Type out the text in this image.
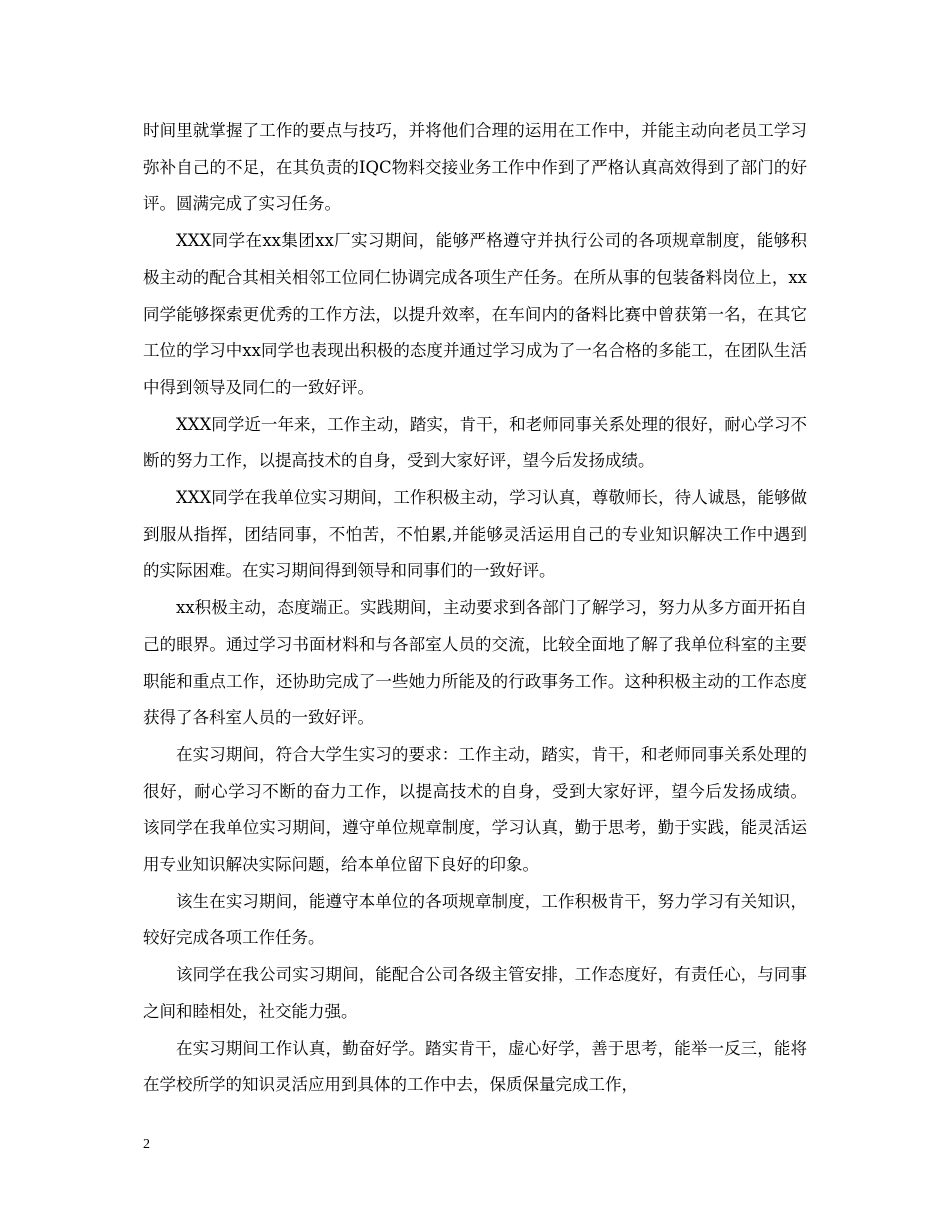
时间里就掌握了工作的要点与技巧，并将他们合理的运用在工作中，并能主动向老员工学习弥补自己的不足，在其负责的IQC物料交接业务工作中作到了严格认真高效得到了部门的好评。圆满完成了实习任务。

XXX同学在xx集团xx厂实习期间，能够严格遵守并执行公司的各项规章制度，能够积极主动的配合其相关相邻工位同仁协调完成各项生产任务。在所从事的包装备料岗位上，xx同学能够探索更优秀的工作方法，以提升效率，在车间内的备料比赛中曾获第一名，在其它工位的学习中xx同学也表现出积极的态度并通过学习成为了一名合格的多能工，在团队生活中得到领导及同仁的一致好评。

XXX同学近一年来，工作主动，踏实，肯干，和老师同事关系处理的很好，耐心学习不断的努力工作，以提高技术的自身，受到大家好评，望今后发扬成绩。

XXX同学在我单位实习期间，工作积极主动，学习认真，尊敬师长，待人诚恳，能够做到服从指挥，团结同事，不怕苦，不怕累,并能够灵活运用自己的专业知识解决工作中遇到的实际困难。在实习期间得到领导和同事们的一致好评。

xx积极主动，态度端正。实践期间，主动要求到各部门了解学习，努力从多方面开拓自己的眼界。通过学习书面材料和与各部室人员的交流，比较全面地了解了我单位科室的主要职能和重点工作，还协助完成了一些她力所能及的行政事务工作。这种积极主动的工作态度获得了各科室人员的一致好评。

在实习期间，符合大学生实习的要求：工作主动，踏实，肯干，和老师同事关系处理的很好，耐心学习不断的奋力工作，以提高技术的自身，受到大家好评，望今后发扬成绩。 该同学在我单位实习期间，遵守单位规章制度，学习认真，勤于思考，勤于实践，能灵活运用专业知识解决实际问题，给本单位留下良好的印象。

该生在实习期间，能遵守本单位的各项规章制度，工作积极肯干，努力学习有关知识，较好完成各项工作任务。

该同学在我公司实习期间，能配合公司各级主管安排，工作态度好，有责任心，与同事之间和睦相处，社交能力强。

在实习期间工作认真，勤奋好学。踏实肯干，虚心好学，善于思考，能举一反三，能将在学校所学的知识灵活应用到具体的工作中去，保质保量完成工作，

2
